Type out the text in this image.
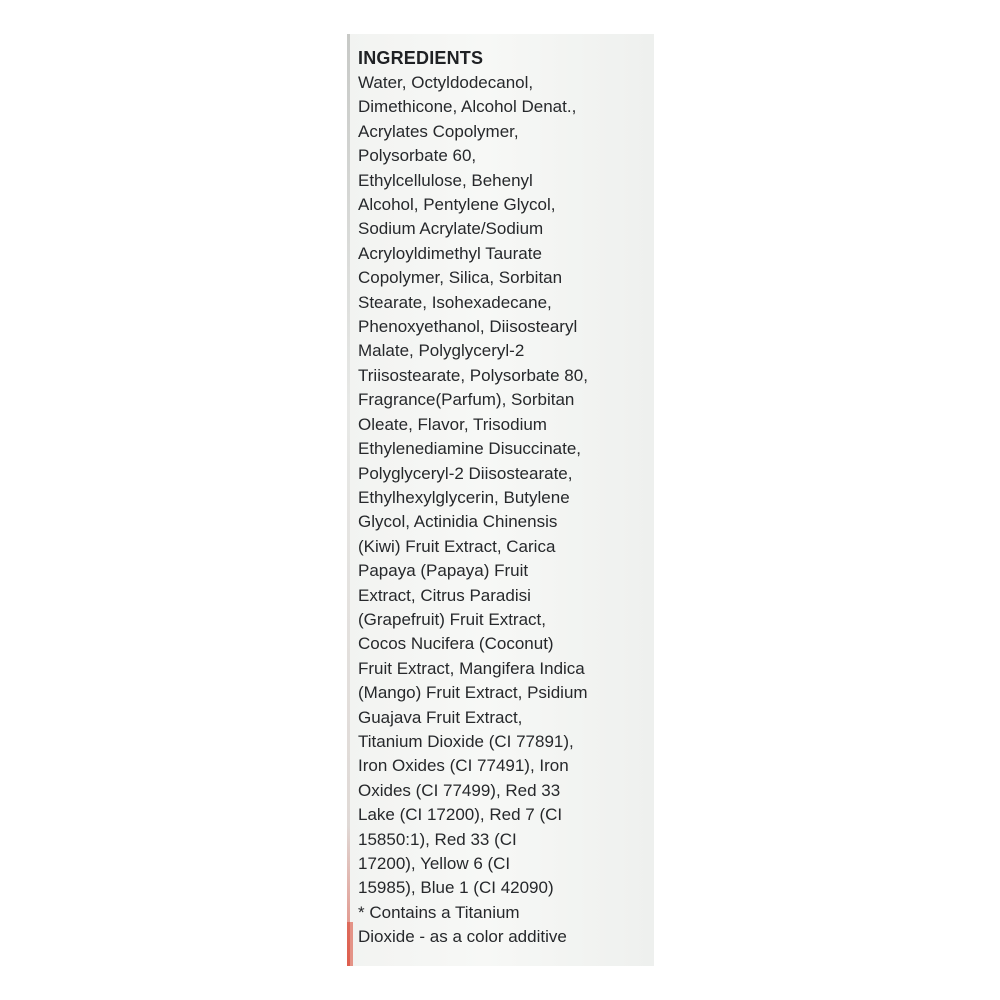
INGREDIENTS
Water, Octyldodecanol,
Dimethicone, Alcohol Denat.,
Acrylates Copolymer,
Polysorbate 60,
Ethylcellulose, Behenyl
Alcohol, Pentylene Glycol,
Sodium Acrylate/Sodium
Acryloyldimethyl Taurate
Copolymer, Silica, Sorbitan
Stearate, Isohexadecane,
Phenoxyethanol, Diisostearyl
Malate, Polyglyceryl-2
Triisostearate, Polysorbate 80,
Fragrance(Parfum), Sorbitan
Oleate, Flavor, Trisodium
Ethylenediamine Disuccinate,
Polyglyceryl-2 Diisostearate,
Ethylhexylglycerin, Butylene
Glycol, Actinidia Chinensis
(Kiwi) Fruit Extract, Carica
Papaya (Papaya) Fruit
Extract, Citrus Paradisi
(Grapefruit) Fruit Extract,
Cocos Nucifera (Coconut)
Fruit Extract, Mangifera Indica
(Mango) Fruit Extract, Psidium
Guajava Fruit Extract,
Titanium Dioxide (CI 77891),
Iron Oxides (CI 77491), Iron
Oxides (CI 77499), Red 33
Lake (CI 17200), Red 7 (CI
15850:1), Red 33 (CI
17200), Yellow 6 (CI
15985), Blue 1 (CI 42090)
* Contains a Titanium
Dioxide - as a color additive
